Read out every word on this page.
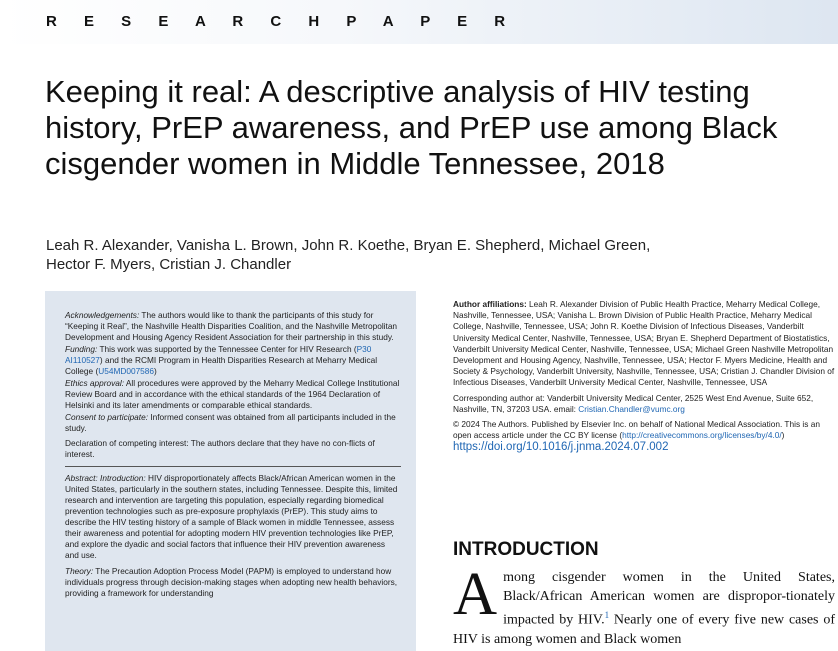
R E S E A R C H P A P E R
Keeping it real: A descriptive analysis of HIV testing history, PrEP awareness, and PrEP use among Black cisgender women in Middle Tennessee, 2018
Leah R. Alexander, Vanisha L. Brown, John R. Koethe, Bryan E. Shepherd, Michael Green,
Hector F. Myers, Cristian J. Chandler

Acknowledgements: The authors would like to thank the participants of this study for “Keeping it Real”, the Nashville Health Disparities Coalition, and the Nashville Metropolitan Development and Housing Agency Resident Association for their partnership in this study.

Funding: This work was supported by the Tennessee Center for HIV Research (P30 AI110527) and the RCMI Program in Health Disparities Research at Meharry Medical College (U54MD007586)

Ethics approval: All procedures were approved by the Meharry Medical College Institutional Review Board and in accordance with the ethical standards of the 1964 Declaration of Helsinki and its later amendments or comparable ethical standards.

Consent to participate: Informed consent was obtained from all participants included in the study.

Declaration of competing interest: The authors declare that they have no con-flicts of interest.

Abstract: Introduction: HIV disproportionately affects Black/African American women in the United States, particularly in the southern states, including Tennessee. Despite this, limited research and intervention are targeting this population, especially regarding biomedical prevention technologies such as pre-exposure prophylaxis (PrEP). This study aims to describe the HIV testing history of a sample of Black women in middle Tennessee, assess their awareness and potential for adopting modern HIV prevention technologies like PrEP, and explore the dyadic and social factors that influence their HIV prevention awareness and use.

Theory: The Precaution Adoption Process Model (PAPM) is employed to understand how individuals progress through decision-making stages when adopting new health behaviors, providing a framework for understanding

Author affiliations: Leah R. Alexander Division of Public Health Practice, Meharry Medical College, Nashville, Tennessee, USA; Vanisha L. Brown Division of Public Health Practice, Meharry Medical College, Nashville, Tennessee, USA; John R. Koethe Division of Infectious Diseases, Vanderbilt University Medical Center, Nashville, Tennessee, USA; Bryan E. Shepherd Department of Biostatistics, Vanderbilt University Medical Center, Nashville, Tennessee, USA; Michael Green Nashville Metropolitan Development and Housing Agency, Nashville, Tennessee, USA; Hector F. Myers Medicine, Health and Society & Psychology, Vanderbilt University, Nashville, Tennessee, USA; Cristian J. Chandler Division of Infectious Diseases, Vanderbilt University Medical Center, Nashville, Tennessee, USA

Corresponding author at: Vanderbilt University Medical Center, 2525 West End Avenue, Suite 652, Nashville, TN, 37203 USA. email: Cristian.Chandler@vumc.org

© 2024 The Authors. Published by Elsevier Inc. on behalf of National Medical Association. This is an open access article under the CC BY license (http://creativecommons.org/licenses/by/4.0/)

https://doi.org/10.1016/j.jnma.2024.07.002
INTRODUCTION
Among cisgender women in the United States, Black/African American women are dispropor-tionately impacted by HIV.$^1$ Nearly one of every five new cases of HIV is among women and Black women
